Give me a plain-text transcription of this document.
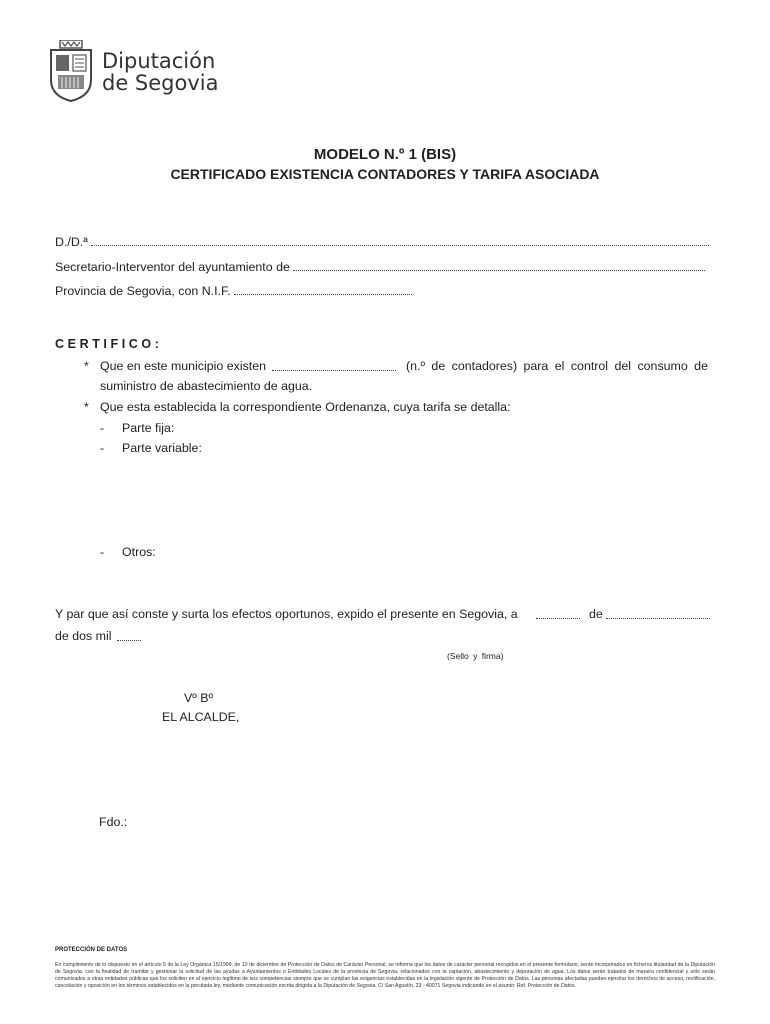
Diputación
de Segovia
MODELO N.º 1 (BIS)
CERTIFICADO EXISTENCIA CONTADORES Y TARIFA ASOCIADA
D./D.ª
Secretario-Interventor del ayuntamiento de
Provincia de Segovia, con N.I.F.
CERTIFICO:
* Que en este municipio existen	(n.º de contadores) para el control del consumo de
suministro de abastecimiento de agua.
* Que esta establecida la correspondiente Ordenanza, cuya tarifa se detalla:
- Parte fija:
- Parte variable:
- Otros:
Y par que así conste y surta los efectos oportunos, expido el presente en Segovia, a	de
de dos mil
(Sello y firma)
Vº Bº
EL ALCALDE,
Fdo.:
PROTECCIÓN DE DATOS
En cumplimiento de lo dispuesto en el artículo 5 de la Ley Orgánica 15/1999, de 13 de diciembre de Protección de Datos de Carácter Personal, se informa que los datos de carácter personal recogidos en el presente formulario, serán incorporados en ficheros titularidad de la Diputación de Segovia, con la finalidad de tramitar y gestionar la solicitud de las ayudas a Ayuntamientos o Entidades Locales de la provincia de Segovia, relacionados con la captación, abastecimiento y depuración de agua. Los datos serán tratados de manera confidencial y sólo serán comunicados a otras entidades públicas que los soliciten en el ejercicio legítimo de sus competencias siempre que se cumplan las exigencias establecidas en la legislación vigente de Protección de Datos. Las personas afectadas pueden ejercitar los derechos de acceso, rectificación, cancelación y oposición en los términos establecidos en la precitada ley, mediante comunicación escrita dirigida a la Diputación de Segovia, C/ San Agustín, 23 - 40071 Segovia indicando en el asunto: Ref. Protección de Datos.
